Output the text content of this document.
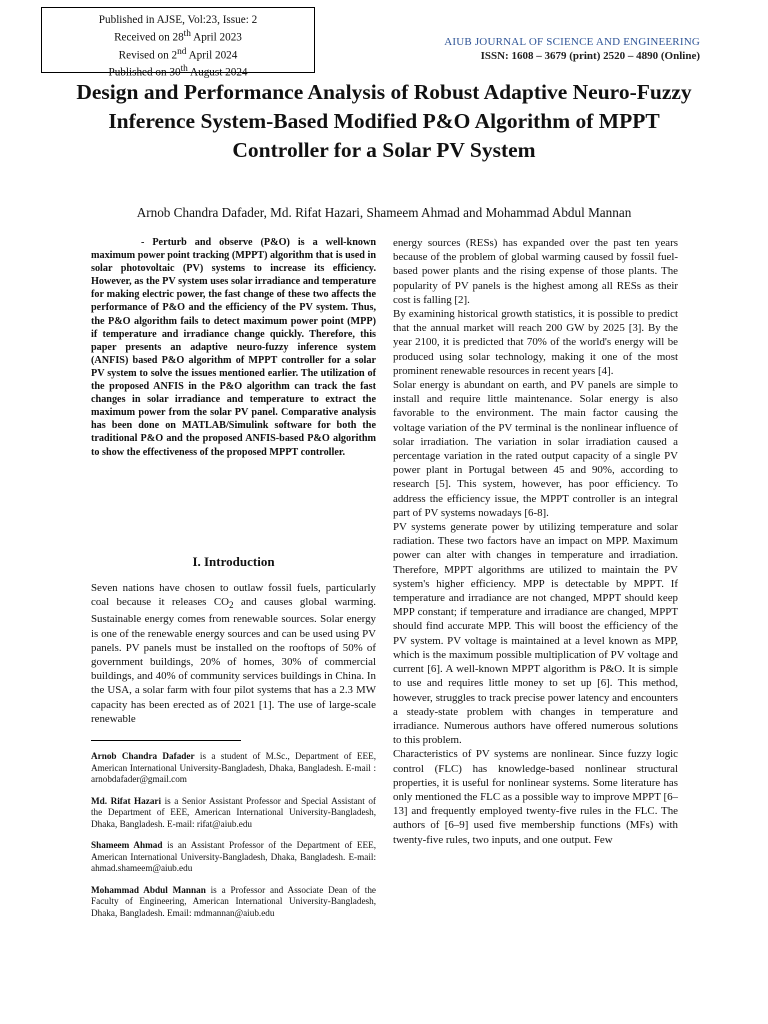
Published in AJSE, Vol:23, Issue: 2
Received on 28th April 2023
Revised on 2nd April 2024
Published on 30th August 2024
AIUB JOURNAL OF SCIENCE AND ENGINEERING
ISSN: 1608 – 3679 (print) 2520 – 4890 (Online)
Design and Performance Analysis of Robust Adaptive Neuro-Fuzzy Inference System-Based Modified P&O Algorithm of MPPT Controller for a Solar PV System
Arnob Chandra Dafader, Md. Rifat Hazari, Shameem Ahmad and Mohammad Abdul Mannan

- Perturb and observe (P&O) is a well-known maximum power point tracking (MPPT) algorithm that is used in solar photovoltaic (PV) systems to increase its efficiency. However, as the PV system uses solar irradiance and temperature for making electric power, the fast change of these two affects the performance of P&O and the efficiency of the PV system. Thus, the P&O algorithm fails to detect maximum power point (MPP) if temperature and irradiance change quickly. Therefore, this paper presents an adaptive neuro-fuzzy inference system (ANFIS) based P&O algorithm of MPPT controller for a solar PV system to solve the issues mentioned earlier. The utilization of the proposed ANFIS in the P&O algorithm can track the fast changes in solar irradiance and temperature to extract the maximum power from the solar PV panel. Comparative analysis has been done on MATLAB/Simulink software for both the traditional P&O and the proposed ANFIS-based P&O algorithm to show the effectiveness of the proposed MPPT controller.

I. Introduction

Seven nations have chosen to outlaw fossil fuels, particularly coal because it releases $CO_2$ and causes global warming. Sustainable energy comes from renewable sources. Solar energy is one of the renewable energy sources and can be used using PV panels. PV panels must be installed on the rooftops of 50% of government buildings, 20% of homes, 30% of commercial buildings, and 40% of community services buildings in China. In the USA, a solar farm with four pilot systems that has a 2.3 MW capacity has been erected as of 2021 [1]. The use of large-scale renewable

Arnob Chandra Dafader is a student of M.Sc., Department of EEE, American International University-Bangladesh, Dhaka, Bangladesh. E-mail : arnobdafader@gmail.com

Md. Rifat Hazari is a Senior Assistant Professor and Special Assistant of the Department of EEE, American International University-Bangladesh, Dhaka, Bangladesh. E-mail: rifat@aiub.edu

Shameem Ahmad is an Assistant Professor of the Department of EEE, American International University-Bangladesh, Dhaka, Bangladesh. E-mail: ahmad.shameem@aiub.edu

Mohammad Abdul Mannan is a Professor and Associate Dean of the Faculty of Engineering, American International University-Bangladesh, Dhaka, Bangladesh. Email: mdmannan@aiub.edu

energy sources (RESs) has expanded over the past ten years because of the problem of global warming caused by fossil fuel-based power plants and the rising expense of those plants. The popularity of PV panels is the highest among all RESs as their cost is falling [2].

By examining historical growth statistics, it is possible to predict that the annual market will reach 200 GW by 2025 [3]. By the year 2100, it is predicted that 70% of the world's energy will be produced using solar technology, making it one of the most prominent renewable resources in recent years [4].

Solar energy is abundant on earth, and PV panels are simple to install and require little maintenance. Solar energy is also favorable to the environment. The main factor causing the voltage variation of the PV terminal is the nonlinear influence of solar irradiation. The variation in solar irradiation caused a percentage variation in the rated output capacity of a single PV power plant in Portugal between 45 and 90%, according to research [5]. This system, however, has poor efficiency. To address the efficiency issue, the MPPT controller is an integral part of PV systems nowadays [6-8].

PV systems generate power by utilizing temperature and solar radiation. These two factors have an impact on MPP. Maximum power can alter with changes in temperature and irradiation. Therefore, MPPT algorithms are utilized to maintain the PV system's higher efficiency. MPP is detectable by MPPT. If temperature and irradiance are not changed, MPPT should keep MPP constant; if temperature and irradiance are changed, MPPT should find accurate MPP. This will boost the efficiency of the PV system. PV voltage is maintained at a level known as MPP, which is the maximum possible multiplication of PV voltage and current [6]. A well-known MPPT algorithm is P&O. It is simple to use and requires little money to set up [6]. This method, however, struggles to track precise power latency and encounters a steady-state problem with changes in temperature and irradiance. Numerous authors have offered numerous solutions to this problem.

Characteristics of PV systems are nonlinear. Since fuzzy logic control (FLC) has knowledge-based nonlinear structural properties, it is useful for nonlinear systems. Some literature has only mentioned the FLC as a possible way to improve MPPT [6–13] and frequently employed twenty-five rules in the FLC. The authors of [6–9] used five membership functions (MFs) with twenty-five rules, two inputs, and one output. Few
